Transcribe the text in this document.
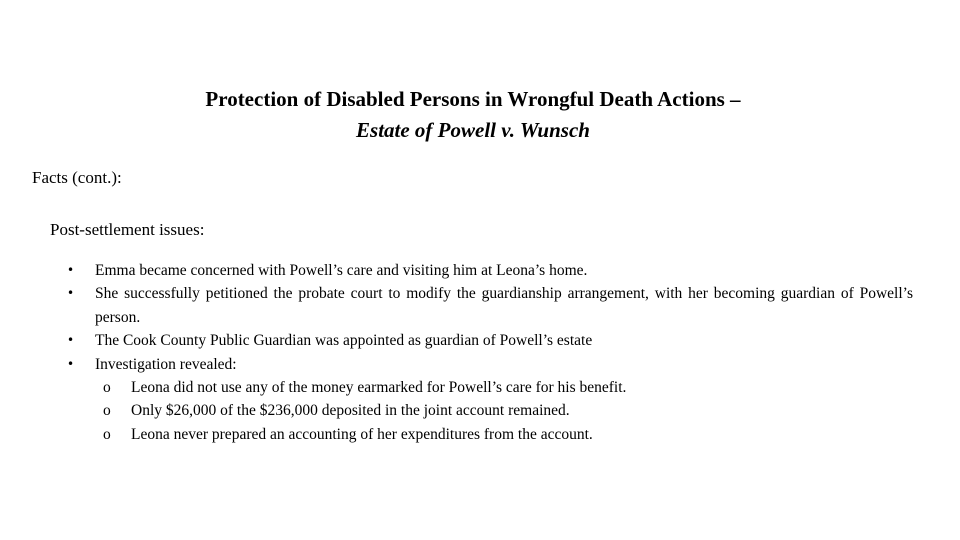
Protection of Disabled Persons in Wrongful Death Actions –
Estate of Powell v. Wunsch
Facts (cont.):
Post-settlement issues:
• Emma became concerned with Powell’s care and visiting him at Leona’s home.
• She successfully petitioned the probate court to modify the guardianship arrangement, with her becoming guardian of Powell’s person.
• The Cook County Public Guardian was appointed as guardian of Powell’s estate
• Investigation revealed:
o	Leona did not use any of the money earmarked for Powell’s care for his benefit.
o	Only $26,000 of the $236,000 deposited in the joint account remained.
o	Leona never prepared an accounting of her expenditures from the account.
